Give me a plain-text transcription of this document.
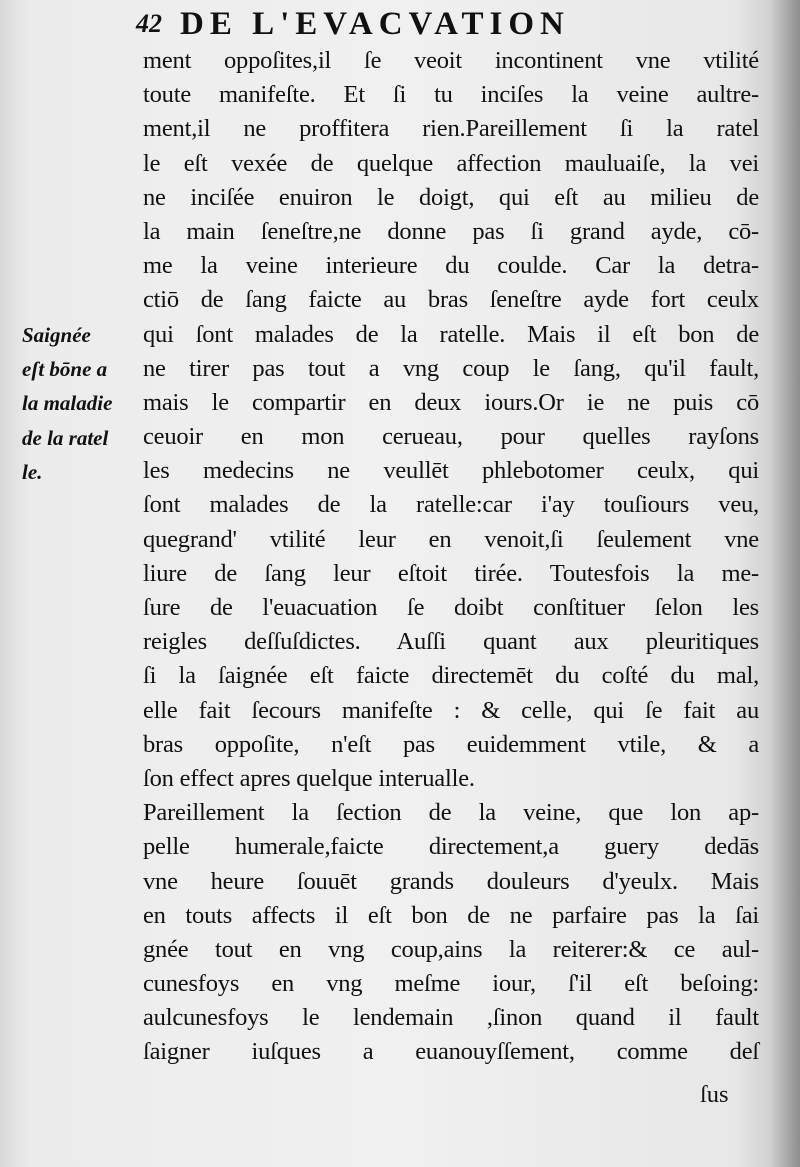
42 DE L'EVACVATION
Saignée
eſt bōne a
la maladie
de la ratel
le.
ment oppoſites,il ſe veoit incontinent vne vtilité
toute manifeſte. Et ſi tu inciſes la veine aultre-
ment,il ne proffitera rien.Pareillement ſi la ratel
le eſt vexée de quelque affection mauluaiſe, la vei
ne inciſée enuiron le doigt, qui eſt au milieu de
la main ſeneſtre,ne donne pas ſi grand ayde, cō-
me la veine interieure du coulde. Car la detra-
ctiō de ſang faicte au bras ſeneſtre ayde fort ceulx
qui ſont malades de la ratelle. Mais il eſt bon de
ne tirer pas tout a vng coup le ſang, qu'il fault,
mais le compartir en deux iours.Or ie ne puis cō
ceuoir en mon cerueau, pour quelles rayſons
les medecins ne veullēt phlebotomer ceulx, qui
ſont malades de la ratelle:car i'ay touſiours veu,
quegrand' vtilité leur en venoit,ſi ſeulement vne
liure de ſang leur eſtoit tirée. Toutesfois la me-
ſure de l'euacuation ſe doibt conſtituer ſelon les
reigles deſſuſdictes. Auſſi quant aux pleuritiques
ſi la ſaignée eſt faicte directemēt du coſté du mal,
elle fait ſecours manifeſte : & celle, qui ſe fait au
bras oppoſite, n'eſt pas euidemment vtile, & a
ſon effect apres quelque interualle.
Pareillement la ſection de la veine, que lon ap-
pelle humerale,faicte directement,a guery dedās
vne heure ſouuēt grands douleurs d'yeulx. Mais
en touts affects il eſt bon de ne parfaire pas la ſai
gnée tout en vng coup,ains la reiterer:& ce aul-
cunesfoys en vng meſme iour, ſ'il eſt beſoing:
aulcunesfoys le lendemain ,ſinon quand il fault
ſaigner iuſques a euanouyſſement, comme deſ
ſus
